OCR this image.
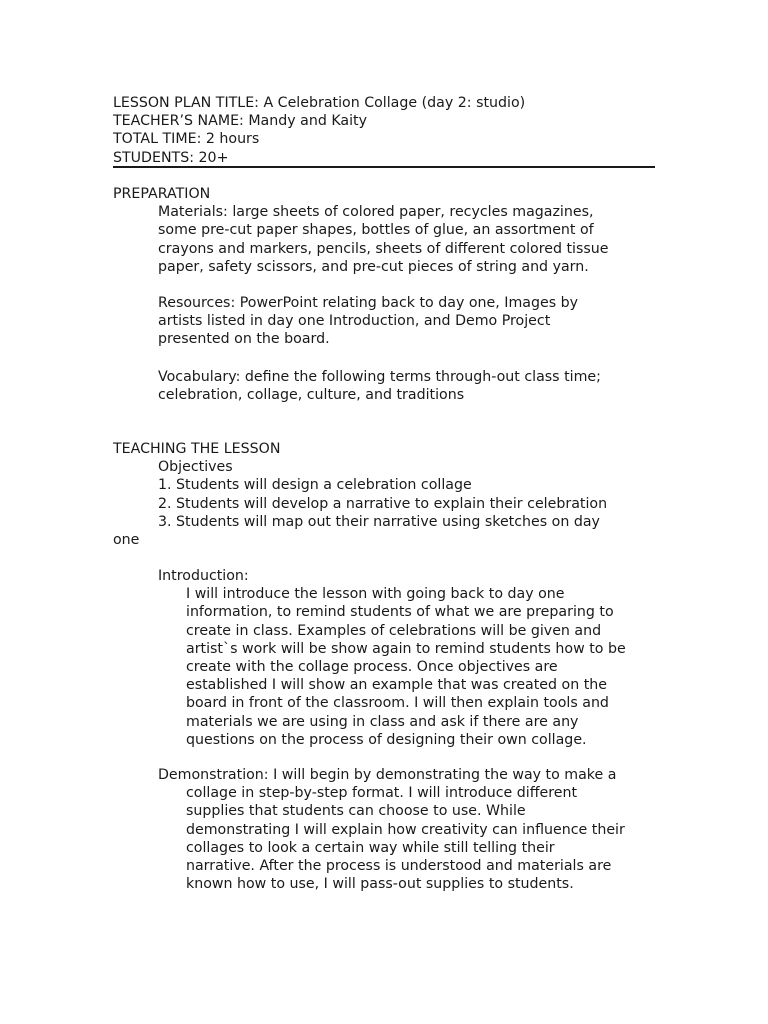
LESSON PLAN TITLE: A Celebration Collage (day 2: studio)
TEACHER’S NAME: Mandy and Kaity
TOTAL TIME: 2 hours
STUDENTS: 20+
PREPARATION
Materials: large sheets of colored paper, recycles magazines,
some pre-cut paper shapes, bottles of glue, an assortment of
crayons and markers, pencils, sheets of different colored tissue
paper, safety scissors, and pre-cut pieces of string and yarn.
Resources: PowerPoint relating back to day one, Images by
artists listed in day one Introduction, and Demo Project
presented on the board.
Vocabulary: define the following terms through-out class time;
celebration, collage, culture, and traditions
TEACHING THE LESSON
Objectives
1. Students will design a celebration collage
2. Students will develop a narrative to explain their celebration
3. Students will map out their narrative using sketches on day
one
Introduction:
I will introduce the lesson with going back to day one
information, to remind students of what we are preparing to
create in class. Examples of celebrations will be given and
artist`s work will be show again to remind students how to be
create with the collage process. Once objectives are
established I will show an example that was created on the
board in front of the classroom. I will then explain tools and
materials we are using in class and ask if there are any
questions on the process of designing their own collage.
Demonstration: I will begin by demonstrating the way to make a
collage in step-by-step format. I will introduce different
supplies that students can choose to use. While
demonstrating I will explain how creativity can influence their
collages to look a certain way while still telling their
narrative. After the process is understood and materials are
known how to use, I will pass-out supplies to students.
